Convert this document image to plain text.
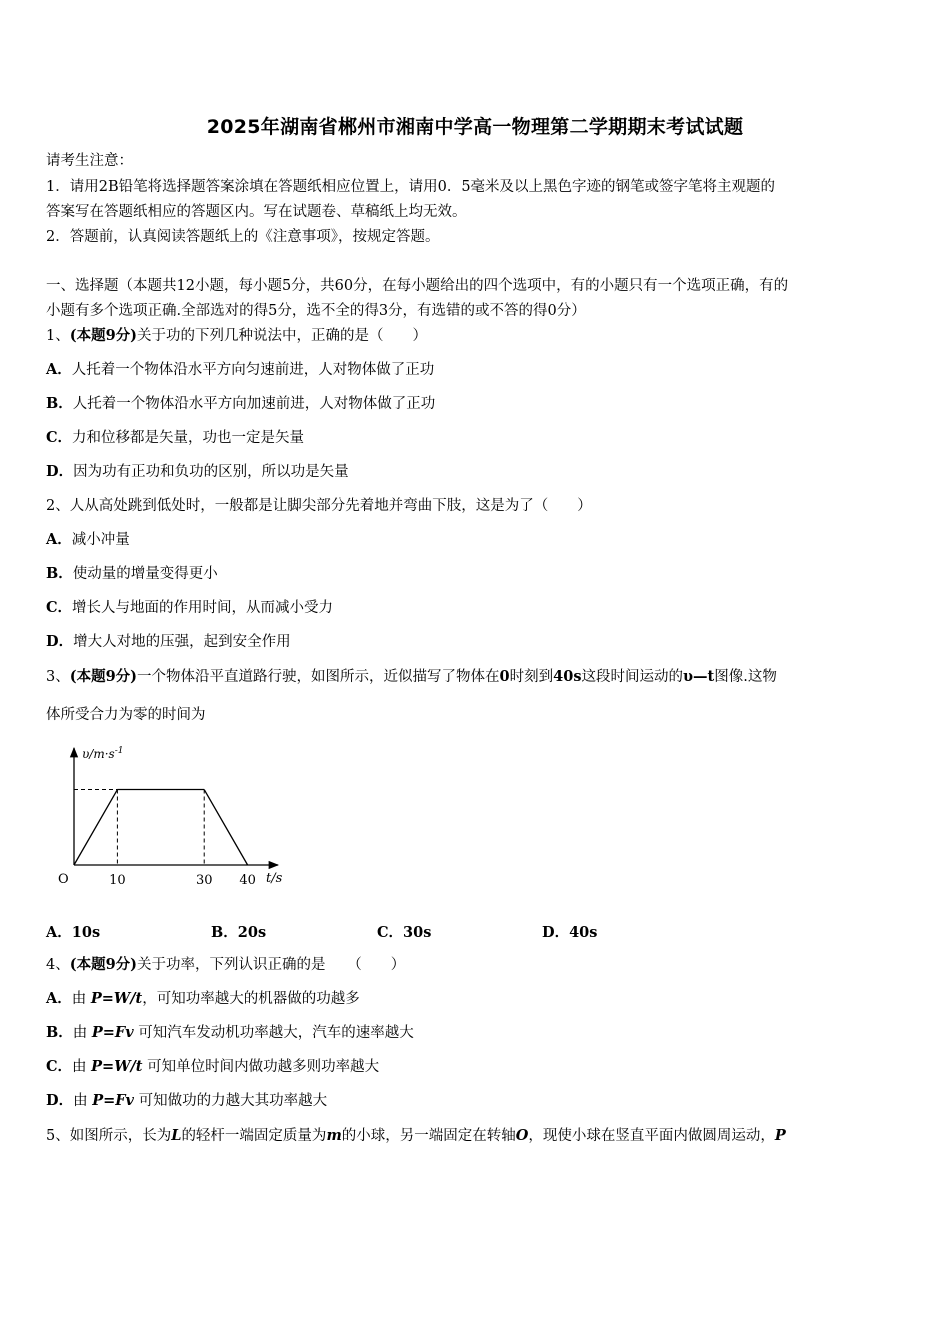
2025年湖南省郴州市湘南中学高一物理第二学期期末考试试题
请考生注意：
1．请用2B铅笔将选择题答案涂填在答题纸相应位置上，请用0．5毫米及以上黑色字迹的钢笔或签字笔将主观题的
答案写在答题纸相应的答题区内。写在试题卷、草稿纸上均无效。
2．答题前，认真阅读答题纸上的《注意事项》，按规定答题。
一、选择题（本题共12小题，每小题5分，共60分，在每小题给出的四个选项中，有的小题只有一个选项正确，有的
小题有多个选项正确.全部选对的得5分，选不全的得3分，有选错的或不答的得0分）
1、(本题9分)关于功的下列几种说法中，正确的是（　　）
A．人托着一个物体沿水平方向匀速前进，人对物体做了正功
B．人托着一个物体沿水平方向加速前进，人对物体做了正功
C．力和位移都是矢量，功也一定是矢量
D．因为功有正功和负功的区别，所以功是矢量
2、人从高处跳到低处时，一般都是让脚尖部分先着地并弯曲下肢，这是为了（　　）
A．减小冲量
B．使动量的增量变得更小
C．增长人与地面的作用时间，从而减小受力
D．增大人对地的压强，起到安全作用
3、(本题9分)一个物体沿平直道路行驶，如图所示，近似描写了物体在0时刻到40s这段时间运动的υ—t图像.这物
体所受合力为零的时间为
10	30 40
$\upsilon/m\cdot s^{-1}$
O	t/s
A．10s	B．20s	C．30s	D．40s
4、(本题9分)关于功率，下列认识正确的是　　（　　）
A．由 P=W/t，可知功率越大的机器做的功越多
B．由 P=Fv 可知汽车发动机功率越大，汽车的速率越大
C．由 P=W/t 可知单位时间内做功越多则功率越大
D．由 P=Fv 可知做功的力越大其功率越大
5、如图所示，长为L的轻杆一端固定质量为m的小球，另一端固定在转轴O，现使小球在竖直平面内做圆周运动，P
